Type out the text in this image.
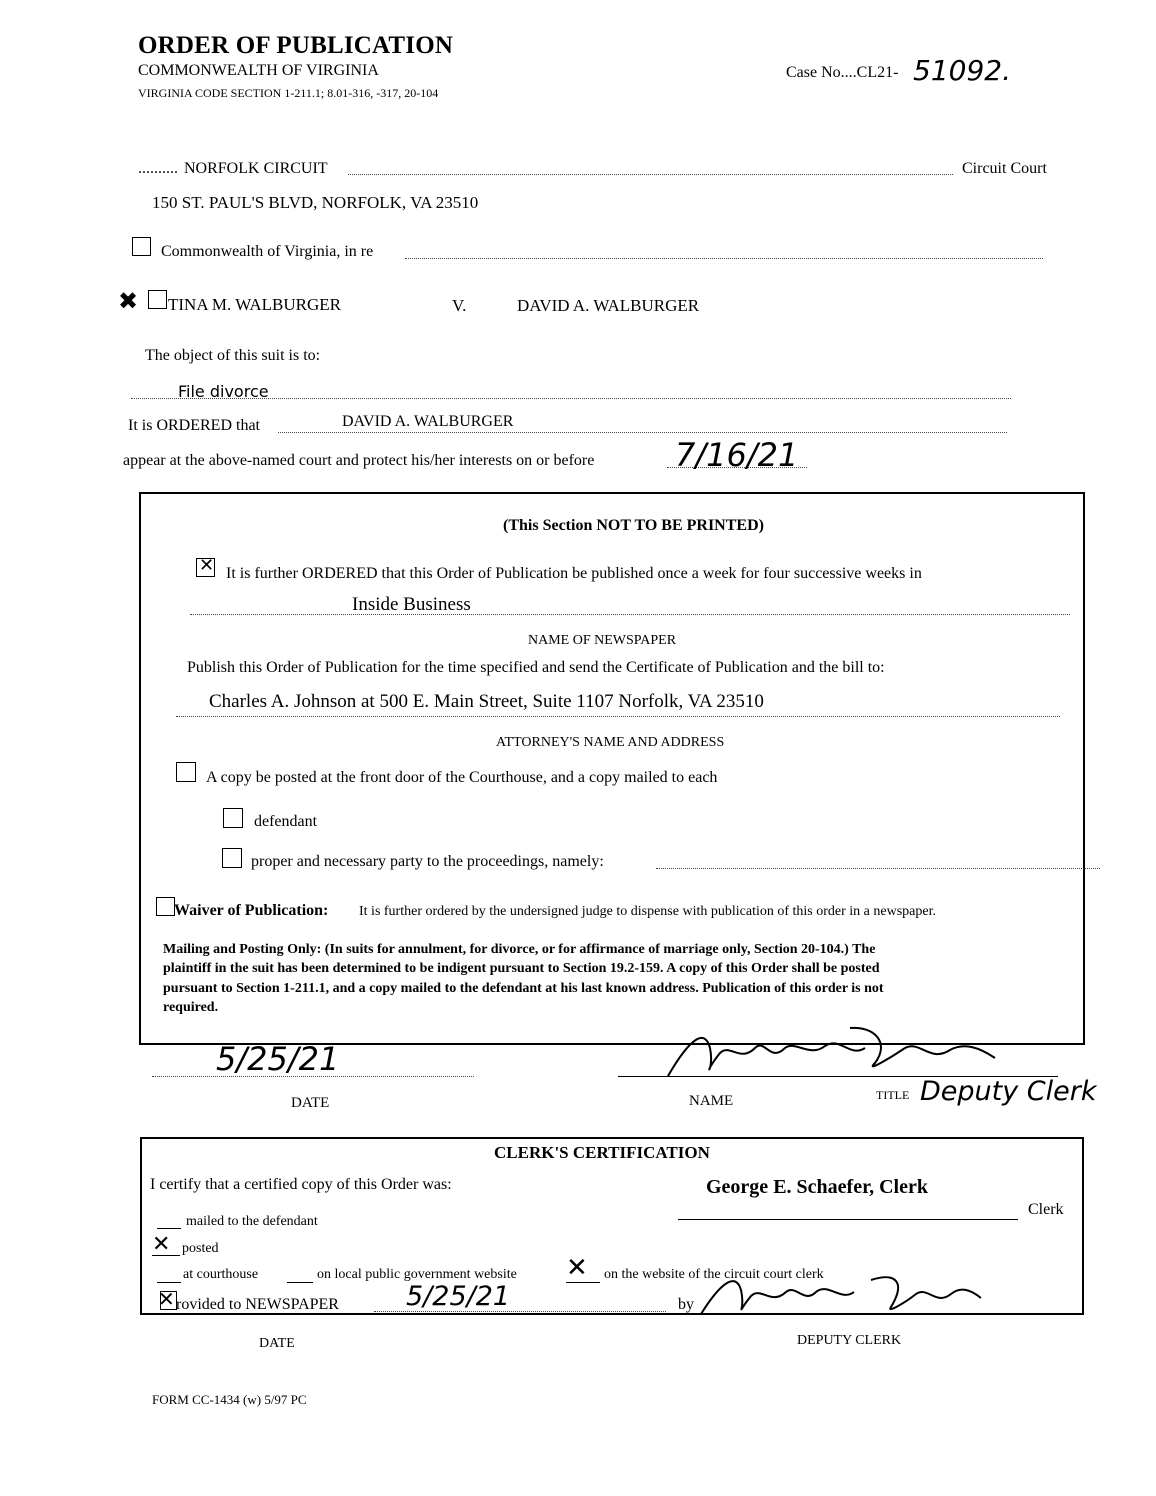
ORDER OF PUBLICATION
COMMONWEALTH OF VIRGINIA
VIRGINIA CODE SECTION 1-211.1; 8.01-316, -317, 20-104
Case No....CL21- 51092.
.......... NORFOLK CIRCUIT	Circuit Court
150 ST. PAUL'S BLVD, NORFOLK, VA 23510
Commonwealth of Virginia, in re
✖ TINA M. WALBURGER	V.	DAVID A. WALBURGER
The object of this suit is to:
File divorce
It is ORDERED that	DAVID A. WALBURGER
appear at the above-named court and protect his/her interests on or before	7/16/21
(This Section NOT TO BE PRINTED)
✕ It is further ORDERED that this Order of Publication be published once a week for four successive weeks in
Inside Business
NAME OF NEWSPAPER
Publish this Order of Publication for the time specified and send the Certificate of Publication and the bill to:
Charles A. Johnson at 500 E. Main Street, Suite 1107 Norfolk, VA 23510
ATTORNEY'S NAME AND ADDRESS
A copy be posted at the front door of the Courthouse, and a copy mailed to each
defendant
proper and necessary party to the proceedings, namely:
Waiver of Publication: It is further ordered by the undersigned judge to dispense with publication of this order in a newspaper.
Mailing and Posting Only: (In suits for annulment, for divorce, or for affirmance of marriage only, Section 20-104.) The
plaintiff in the suit has been determined to be indigent pursuant to Section 19.2-159. A copy of this Order shall be posted
pursuant to Section 1-211.1, and a copy mailed to the defendant at his last known address. Publication of this order is not
required.
5/25/21
DATE	NAME	TITLE Deputy Clerk
CLERK'S CERTIFICATION
I certify that a certified copy of this Order was:	George E. Schaefer, Clerk
Clerk
mailed to the defendant
✕ posted
at courthouse	on local public government website ✕ on the website of the circuit court clerk
✕ rovided to NEWSPAPER 5/25/21	by
DATE	DEPUTY CLERK
FORM CC-1434 (w) 5/97 PC
